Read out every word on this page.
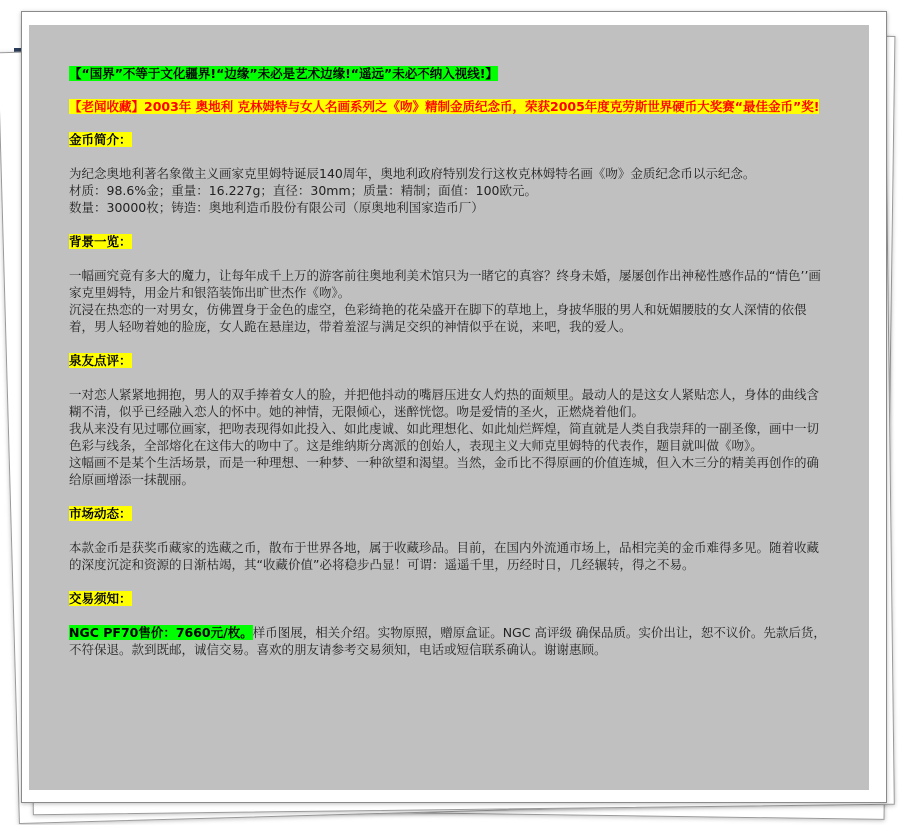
【“国界”不等于文化疆界!“边缘”未必是艺术边缘!“遥远”未必不纳入视线!】
【老闻收藏】2003年 奥地利 克林姆特与女人名画系列之《吻》精制金质纪念币，荣获2005年度克劳斯世界硬币大奖赛“最佳金币”奖!
金币简介：

为纪念奥地利著名象徵主义画家克里姆特诞辰140周年，奥地利政府特别发行这枚克林姆特名画《吻》金质纪念币以示纪念。

材质：98.6%金；重量：16.227g；直径：30mm；质量：精制；面值：100欧元。

数量：30000枚；铸造：奥地利造币股份有限公司（原奥地利国家造币厂）

背景一览：

一幅画究竟有多大的魔力，让每年成千上万的游客前往奥地利美术馆只为一睹它的真容？终身未婚，屡屡创作出神秘性感作品的“情色’’画家克里姆特，用金片和银箔装饰出旷世杰作《吻》。

沉浸在热恋的一对男女，仿佛置身于金色的虚空，色彩绮艳的花朵盛开在脚下的草地上，身披华服的男人和妩媚腰肢的女人深情的依偎着，男人轻吻着她的脸庞，女人跪在悬崖边，带着羞涩与满足交织的神情似乎在说，来吧，我的爱人。

泉友点评：

一对恋人紧紧地拥抱，男人的双手捧着女人的脸，并把他抖动的嘴唇压进女人灼热的面颊里。最动人的是这女人紧贴恋人，身体的曲线含糊不清，似乎已经融入恋人的怀中。她的神情，无限倾心，迷醉恍惚。吻是爱情的圣火，正燃烧着他们。

我从来没有见过哪位画家，把吻表现得如此投入、如此虔诚、如此理想化、如此灿烂辉煌，简直就是人类自我崇拜的一副圣像，画中一切色彩与线条，全部熔化在这伟大的吻中了。这是维纳斯分离派的创始人，表现主义大师克里姆特的代表作，题目就叫做《吻》。

这幅画不是某个生活场景，而是一种理想、一种梦、一种欲望和渴望。当然，金币比不得原画的价值连城，但入木三分的精美再创作的确给原画增添一抹靓丽。

市场动态：

本款金币是获奖币藏家的选藏之币，散布于世界各地，属于收藏珍品。目前，在国内外流通市场上，品相完美的金币难得多见。随着收藏的深度沉淀和资源的日渐枯竭，其“收藏价值”必将稳步凸显！可谓：遥遥千里，历经时日，几经辗转，得之不易。

交易须知：

NGC PF70售价：7660元/枚。样币图展，相关介绍。实物原照，赠原盒证。NGC 高评级 确保品质。实价出让，恕不议价。先款后货，不符保退。款到既邮，诚信交易。喜欢的朋友请参考交易须知，电话或短信联系确认。谢谢惠顾。
